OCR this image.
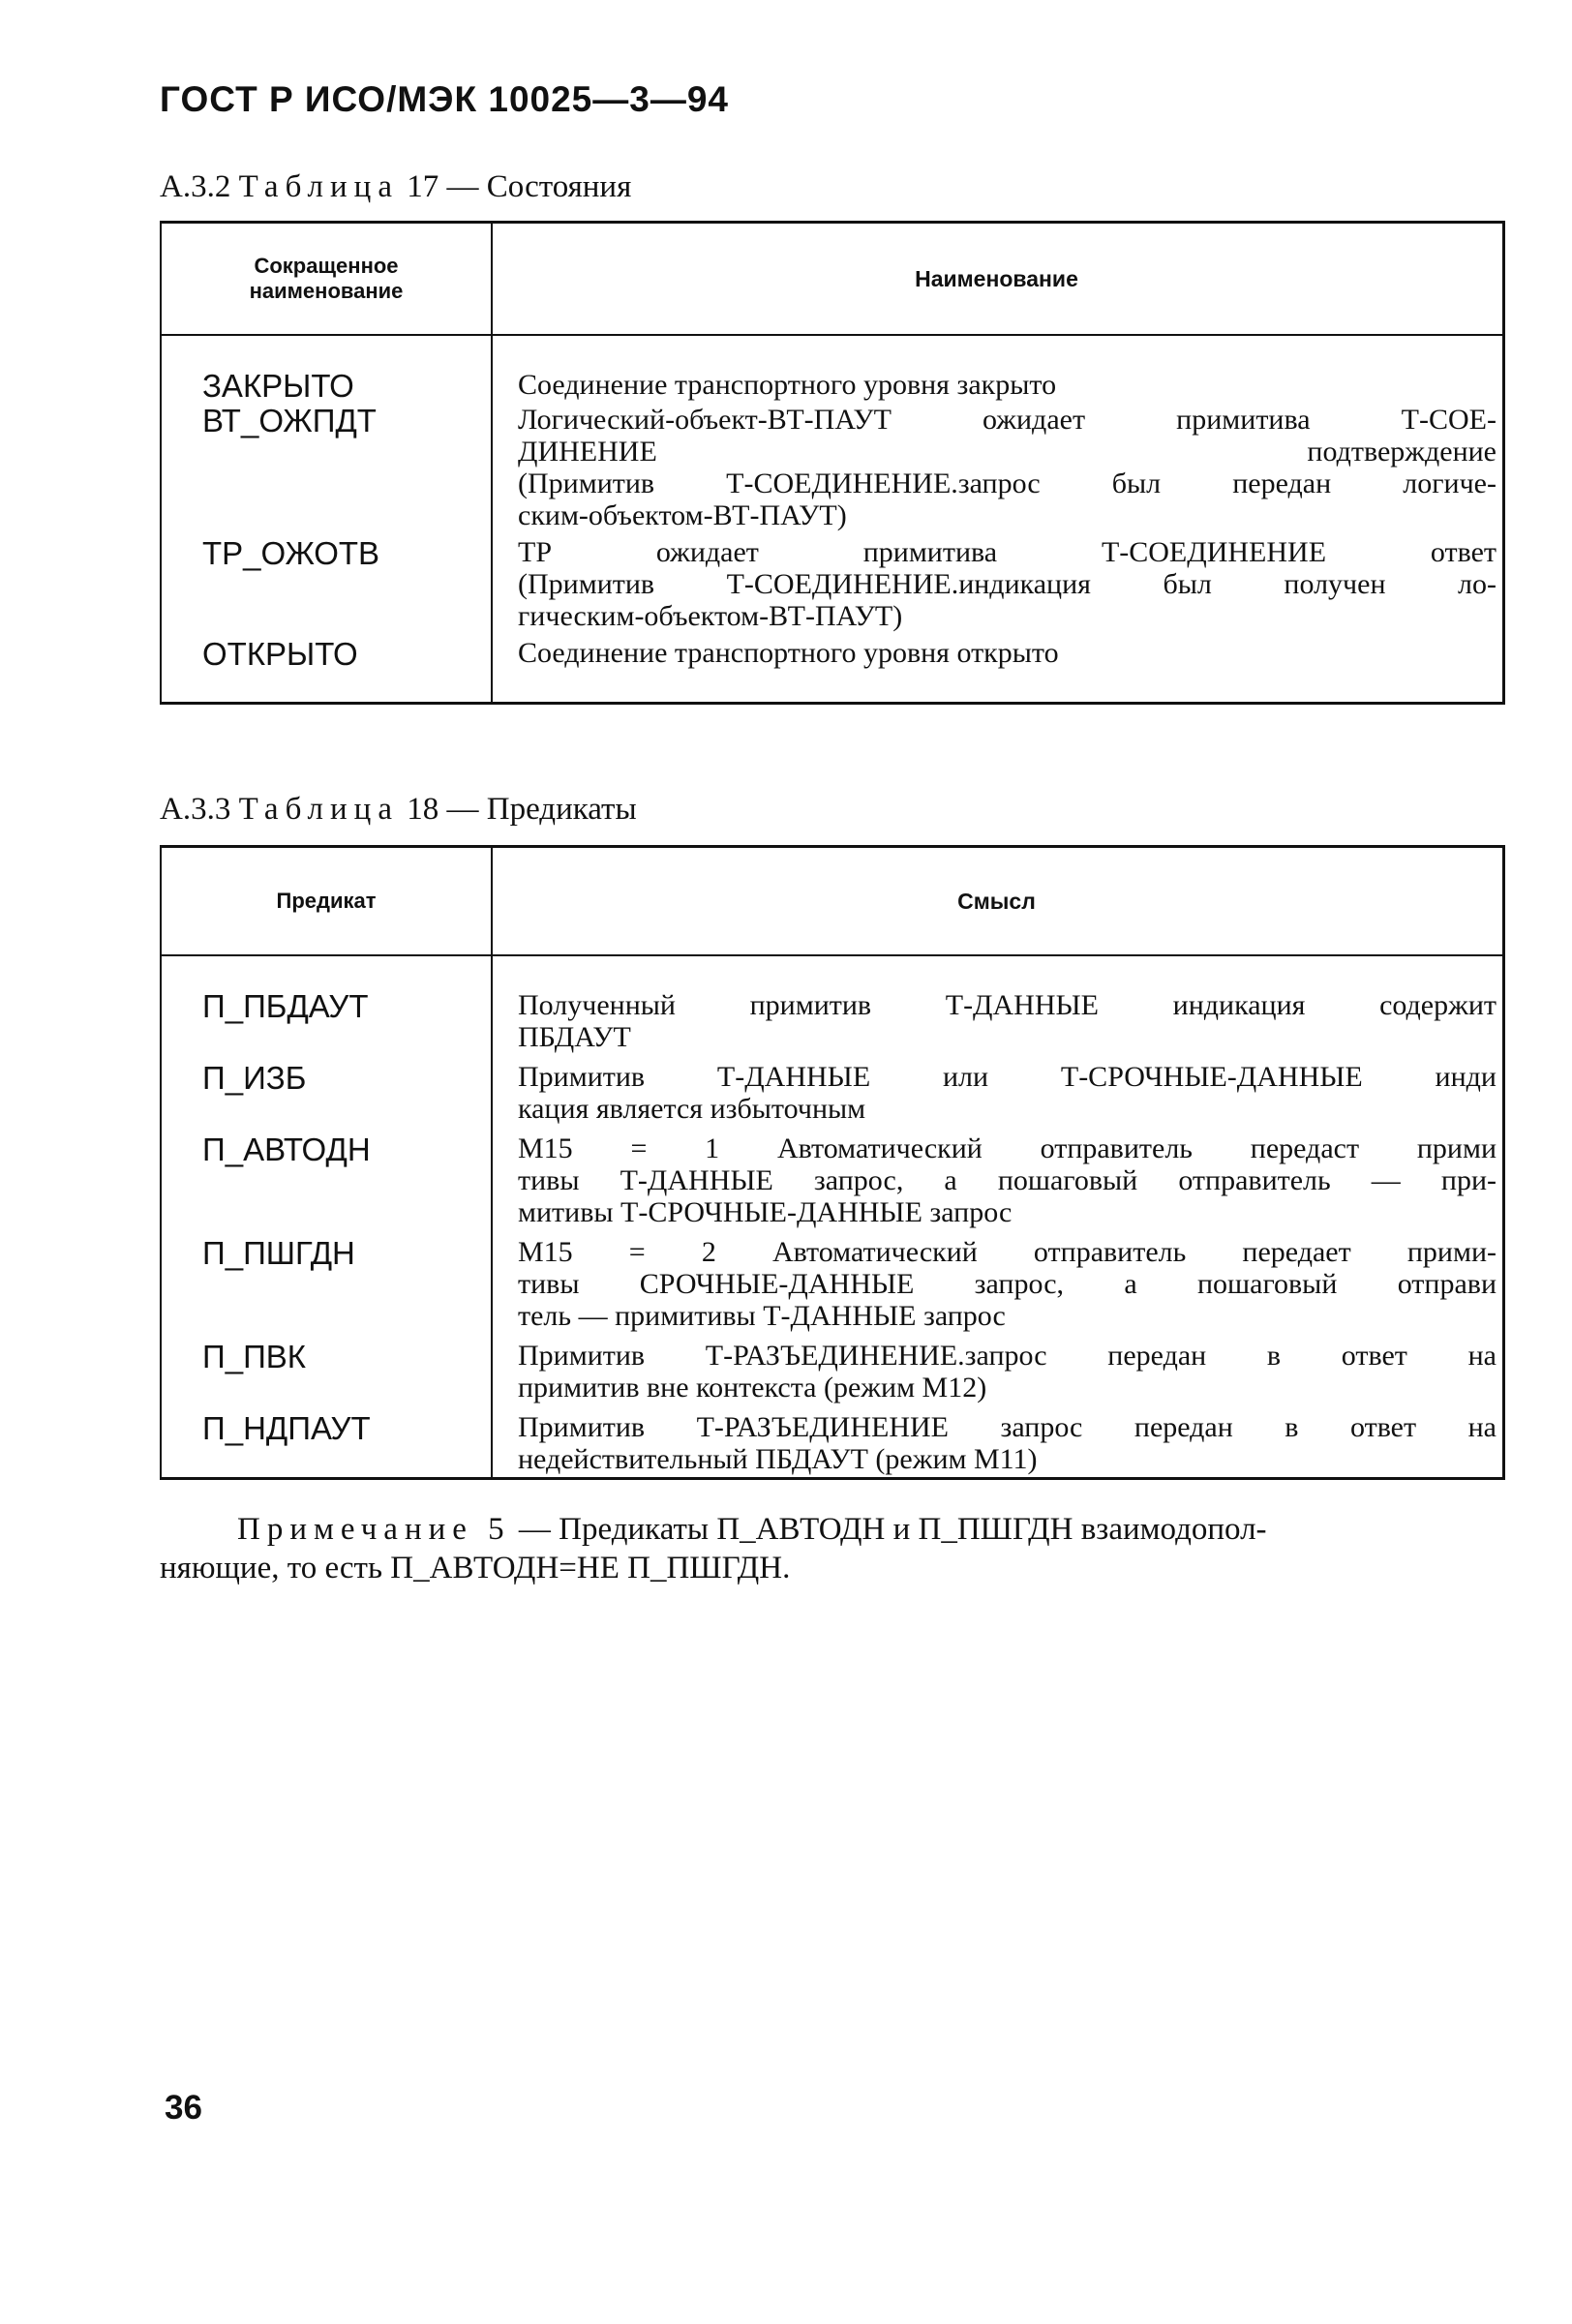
ГОСТ Р ИСО/МЭК 10025—3—94
А.3.2 Таблица 17 — Состояния
Сокращенное
наименование	Наименование
ЗАКРЫТО	Соединение транспортного уровня закрыто
ВТ_ОЖПДТ	Логический-объект-ВТ-ПАУТ ожидает примитива Т-СОЕ-
ДИНЕНИЕ подтверждение
(Примитив Т-СОЕДИНЕНИЕ.запрос был передан логиче-
ским-объектом-ВТ-ПАУТ)
ТР_ОЖОТВ	ТР ожидает примитива Т-СОЕДИНЕНИЕ ответ
(Примитив Т-СОЕДИНЕНИЕ.индикация был получен ло-
гическим-объектом-ВТ-ПАУТ)
ОТКРЫТО	Соединение транспортного уровня открыто
А.3.3 Таблица 18 — Предикаты
Предикат	Смысл
П_ПБДАУТ	Полученный примитив Т-ДАННЫЕ индикация содержит
ПБДАУТ
П_ИЗБ	Примитив Т-ДАННЫЕ или Т-СРОЧНЫЕ-ДАННЫЕ инди
кация является избыточным
П_АВТОДН	М15 = 1 Автоматический отправитель передаст прими
тивы Т-ДАННЫЕ запрос, а пошаговый отправитель — при-
митивы Т-СРОЧНЫЕ-ДАННЫЕ запрос
П_ПШГДН	М15 = 2 Автоматический отправитель передает прими-
тивы СРОЧНЫЕ-ДАННЫЕ запрос, а пошаговый отправи
тель — примитивы Т-ДАННЫЕ запрос
П_ПВК	Примитив Т-РАЗЪЕДИНЕНИЕ.запрос передан в ответ на
примитив вне контекста (режим М12)
П_НДПАУТ	Примитив Т-РАЗЪЕДИНЕНИЕ запрос передан в ответ на
недействительный ПБДАУТ (режим М11)
Примечание 5 — Предикаты П_АВТОДН и П_ПШГДН взаимодопол-
няющие, то есть П_АВТОДН=НЕ П_ПШГДН.
36
